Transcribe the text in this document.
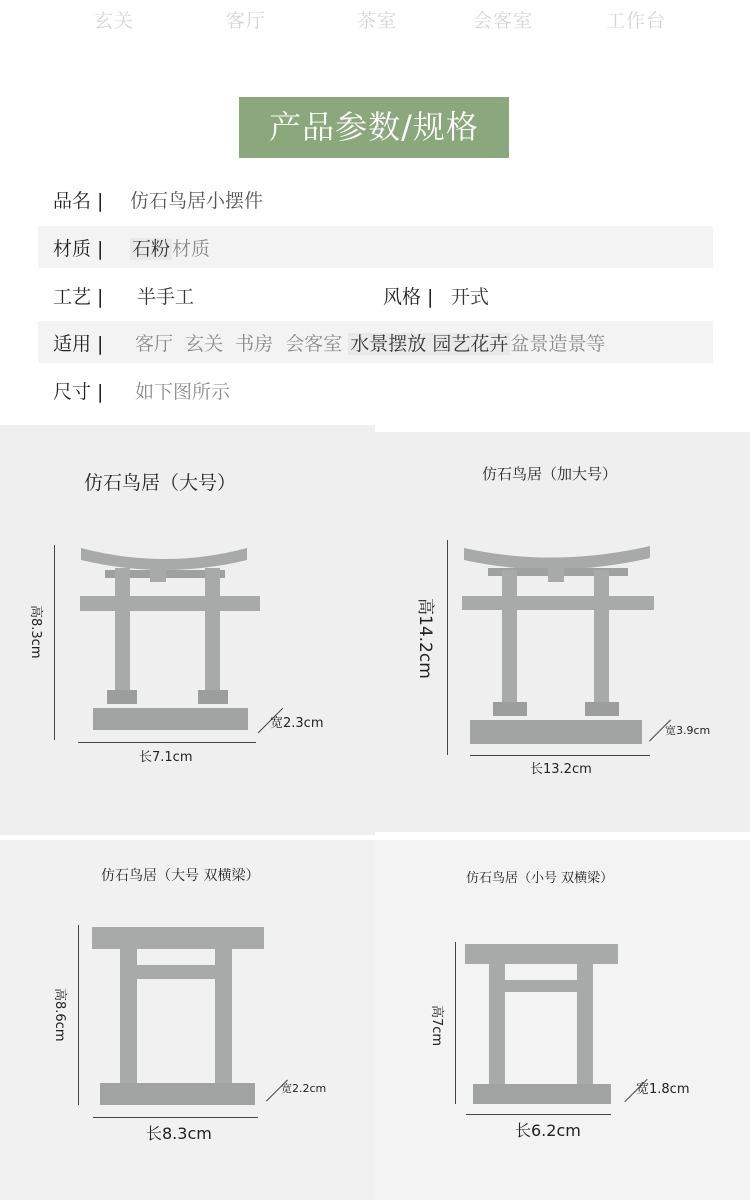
玄关	客厅	茶室	会客室	工作台
产品参数/规格
品名 | 仿石鸟居小摆件
材质 | 石粉 材质
工艺 | 半手工	风格 | 开式
适用 | 客厅  玄关  书房  会客室 水景摆放 园艺花卉 盆景造景等
尺寸 | 如下图所示
仿石鸟居（大号）
高8.3cm
长7.1cm
宽2.3cm
仿石鸟居（加大号）
高14.2cm
长13.2cm
宽3.9cm
仿石鸟居（大号 双横梁）
高8.6cm
长8.3cm
宽2.2cm
仿石鸟居（小号 双横梁）
高7cm
长6.2cm
宽1.8cm
